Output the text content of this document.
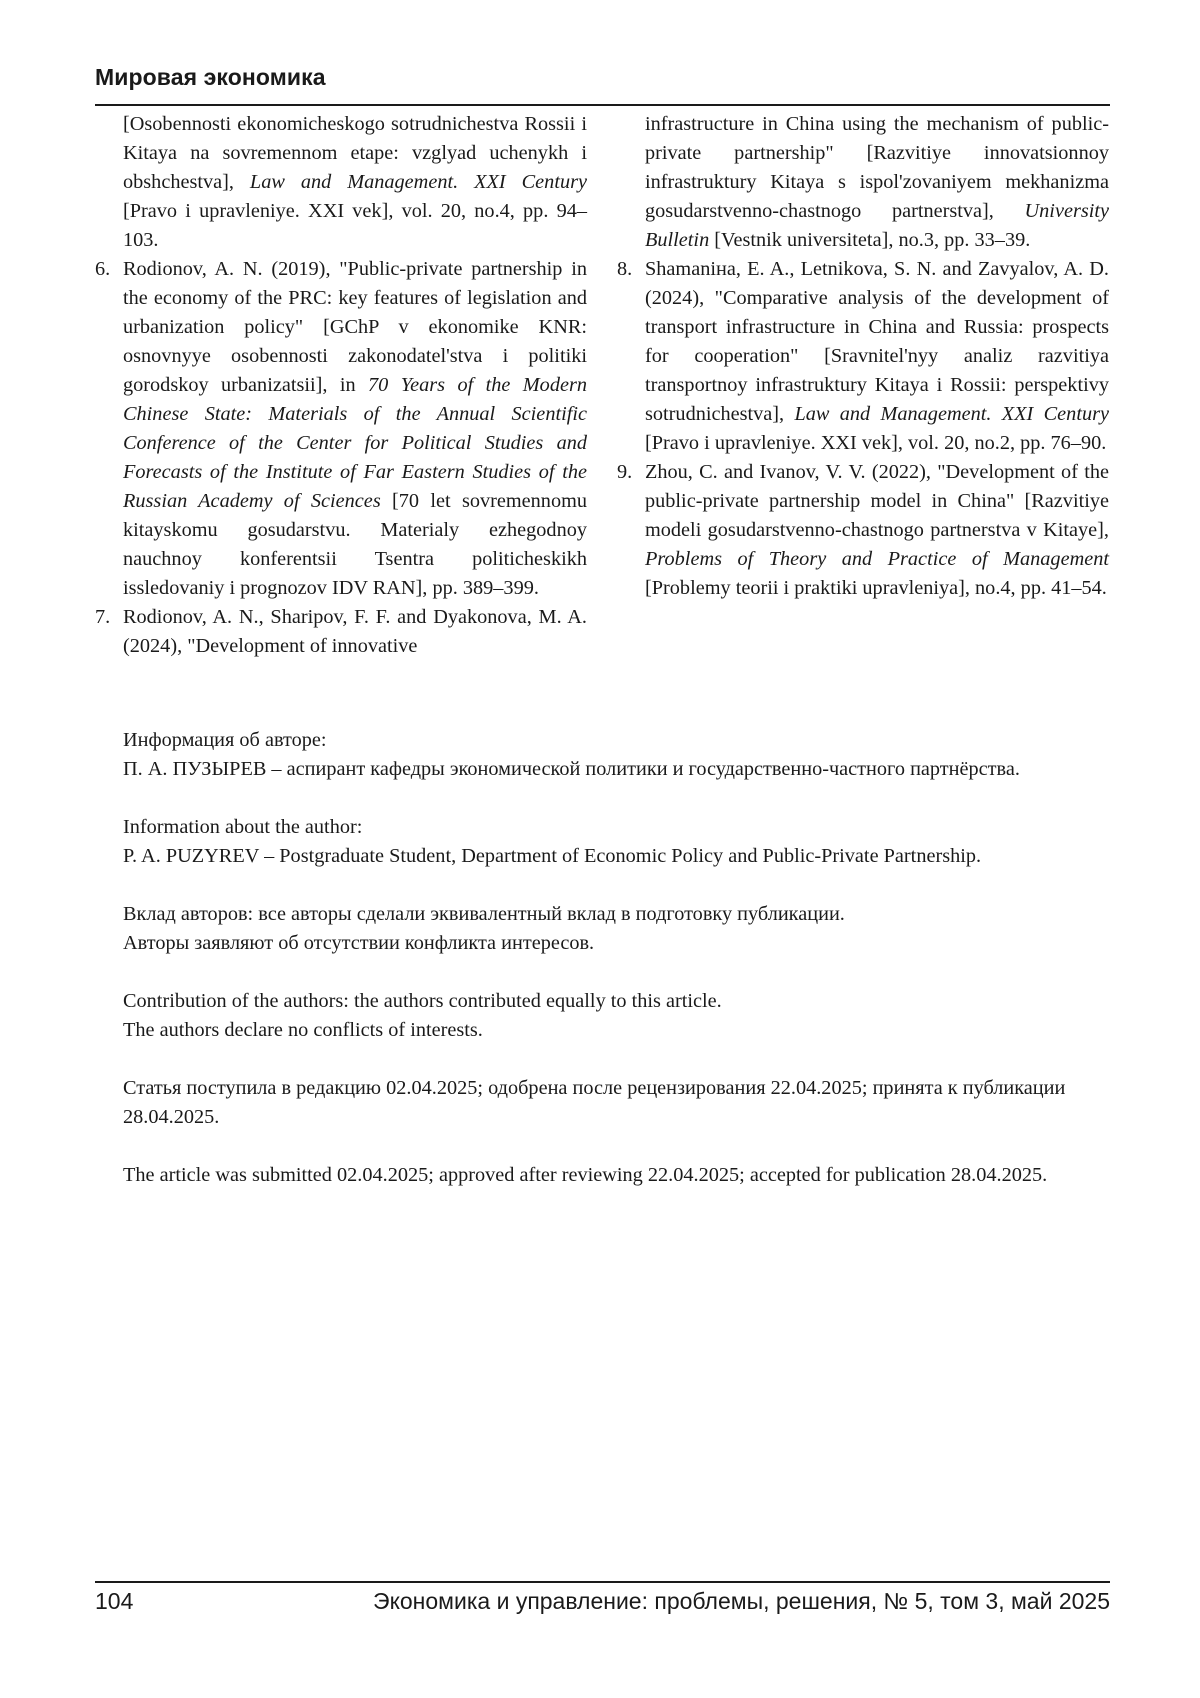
Мировая экономика
[Osobennosti ekonomicheskogo sotrudnichestva Rossii i Kitaya na sovremennom etape: vzglyad uchenykh i obshchestva], Law and Management. XXI Century [Pravo i upravleniye. XXI vek], vol. 20, no.4, pp. 94–103.
6. Rodionov, A. N. (2019), "Public-private partnership in the economy of the PRC: key features of legislation and urbanization policy" [GChP v ekonomike KNR: osnovnyye osobennosti zakonodatel'stva i politiki gorodskoy urbanizatsii], in 70 Years of the Modern Chinese State: Materials of the Annual Scientific Conference of the Center for Political Studies and Forecasts of the Institute of Far Eastern Studies of the Russian Academy of Sciences [70 let sovremennomu kitayskomu gosudarstvu. Materialy ezhegodnoy nauchnoy konferentsii Tsentra politicheskikh issledovaniy i prognozov IDV RAN], pp. 389–399.
7. Rodionov, A. N., Sharipov, F. F. and Dyakonova, M. A. (2024), "Development of innovative
infrastructure in China using the mechanism of public-private partnership" [Razvitiye innovatsionnoy infrastruktury Kitaya s ispol'zovaniyem mekhanizma gosudarstvenno-chastnogo partnerstva], University Bulletin [Vestnik universiteta], no.3, pp. 33–39.
8. Shamaniна, E. A., Letnikova, S. N. and Zavyalov, A. D. (2024), "Comparative analysis of the development of transport infrastructure in China and Russia: prospects for cooperation" [Sravnitel'nyy analiz razvitiya transportnoy infrastruktury Kitaya i Rossii: perspektivy sotrudnichestva], Law and Management. XXI Century [Pravo i upravleniye. XXI vek], vol. 20, no.2, pp. 76–90.
9. Zhou, C. and Ivanov, V. V. (2022), "Development of the public-private partnership model in China" [Razvitiye modeli gosudarstvenno-chastnogo partnerstva v Kitaye], Problems of Theory and Practice of Management [Problemy teorii i praktiki upravleniya], no.4, pp. 41–54.

Информация об авторе:
П. А. ПУЗЫРЕВ – аспирант кафедры экономической политики и государственно-частного партнёрства.

Information about the author:
P. A. PUZYREV – Postgraduate Student, Department of Economic Policy and Public-Private Partnership.

Вклад авторов: все авторы сделали эквивалентный вклад в подготовку публикации.
Авторы заявляют об отсутствии конфликта интересов.

Contribution of the authors: the authors contributed equally to this article.
The authors declare no conflicts of interests.

Статья поступила в редакцию 02.04.2025; одобрена после рецензирования 22.04.2025; принята к публикации 28.04.2025.

The article was submitted 02.04.2025; approved after reviewing 22.04.2025; accepted for publication 28.04.2025.

104	Экономика и управление: проблемы, решения, № 5, том 3, май 2025
